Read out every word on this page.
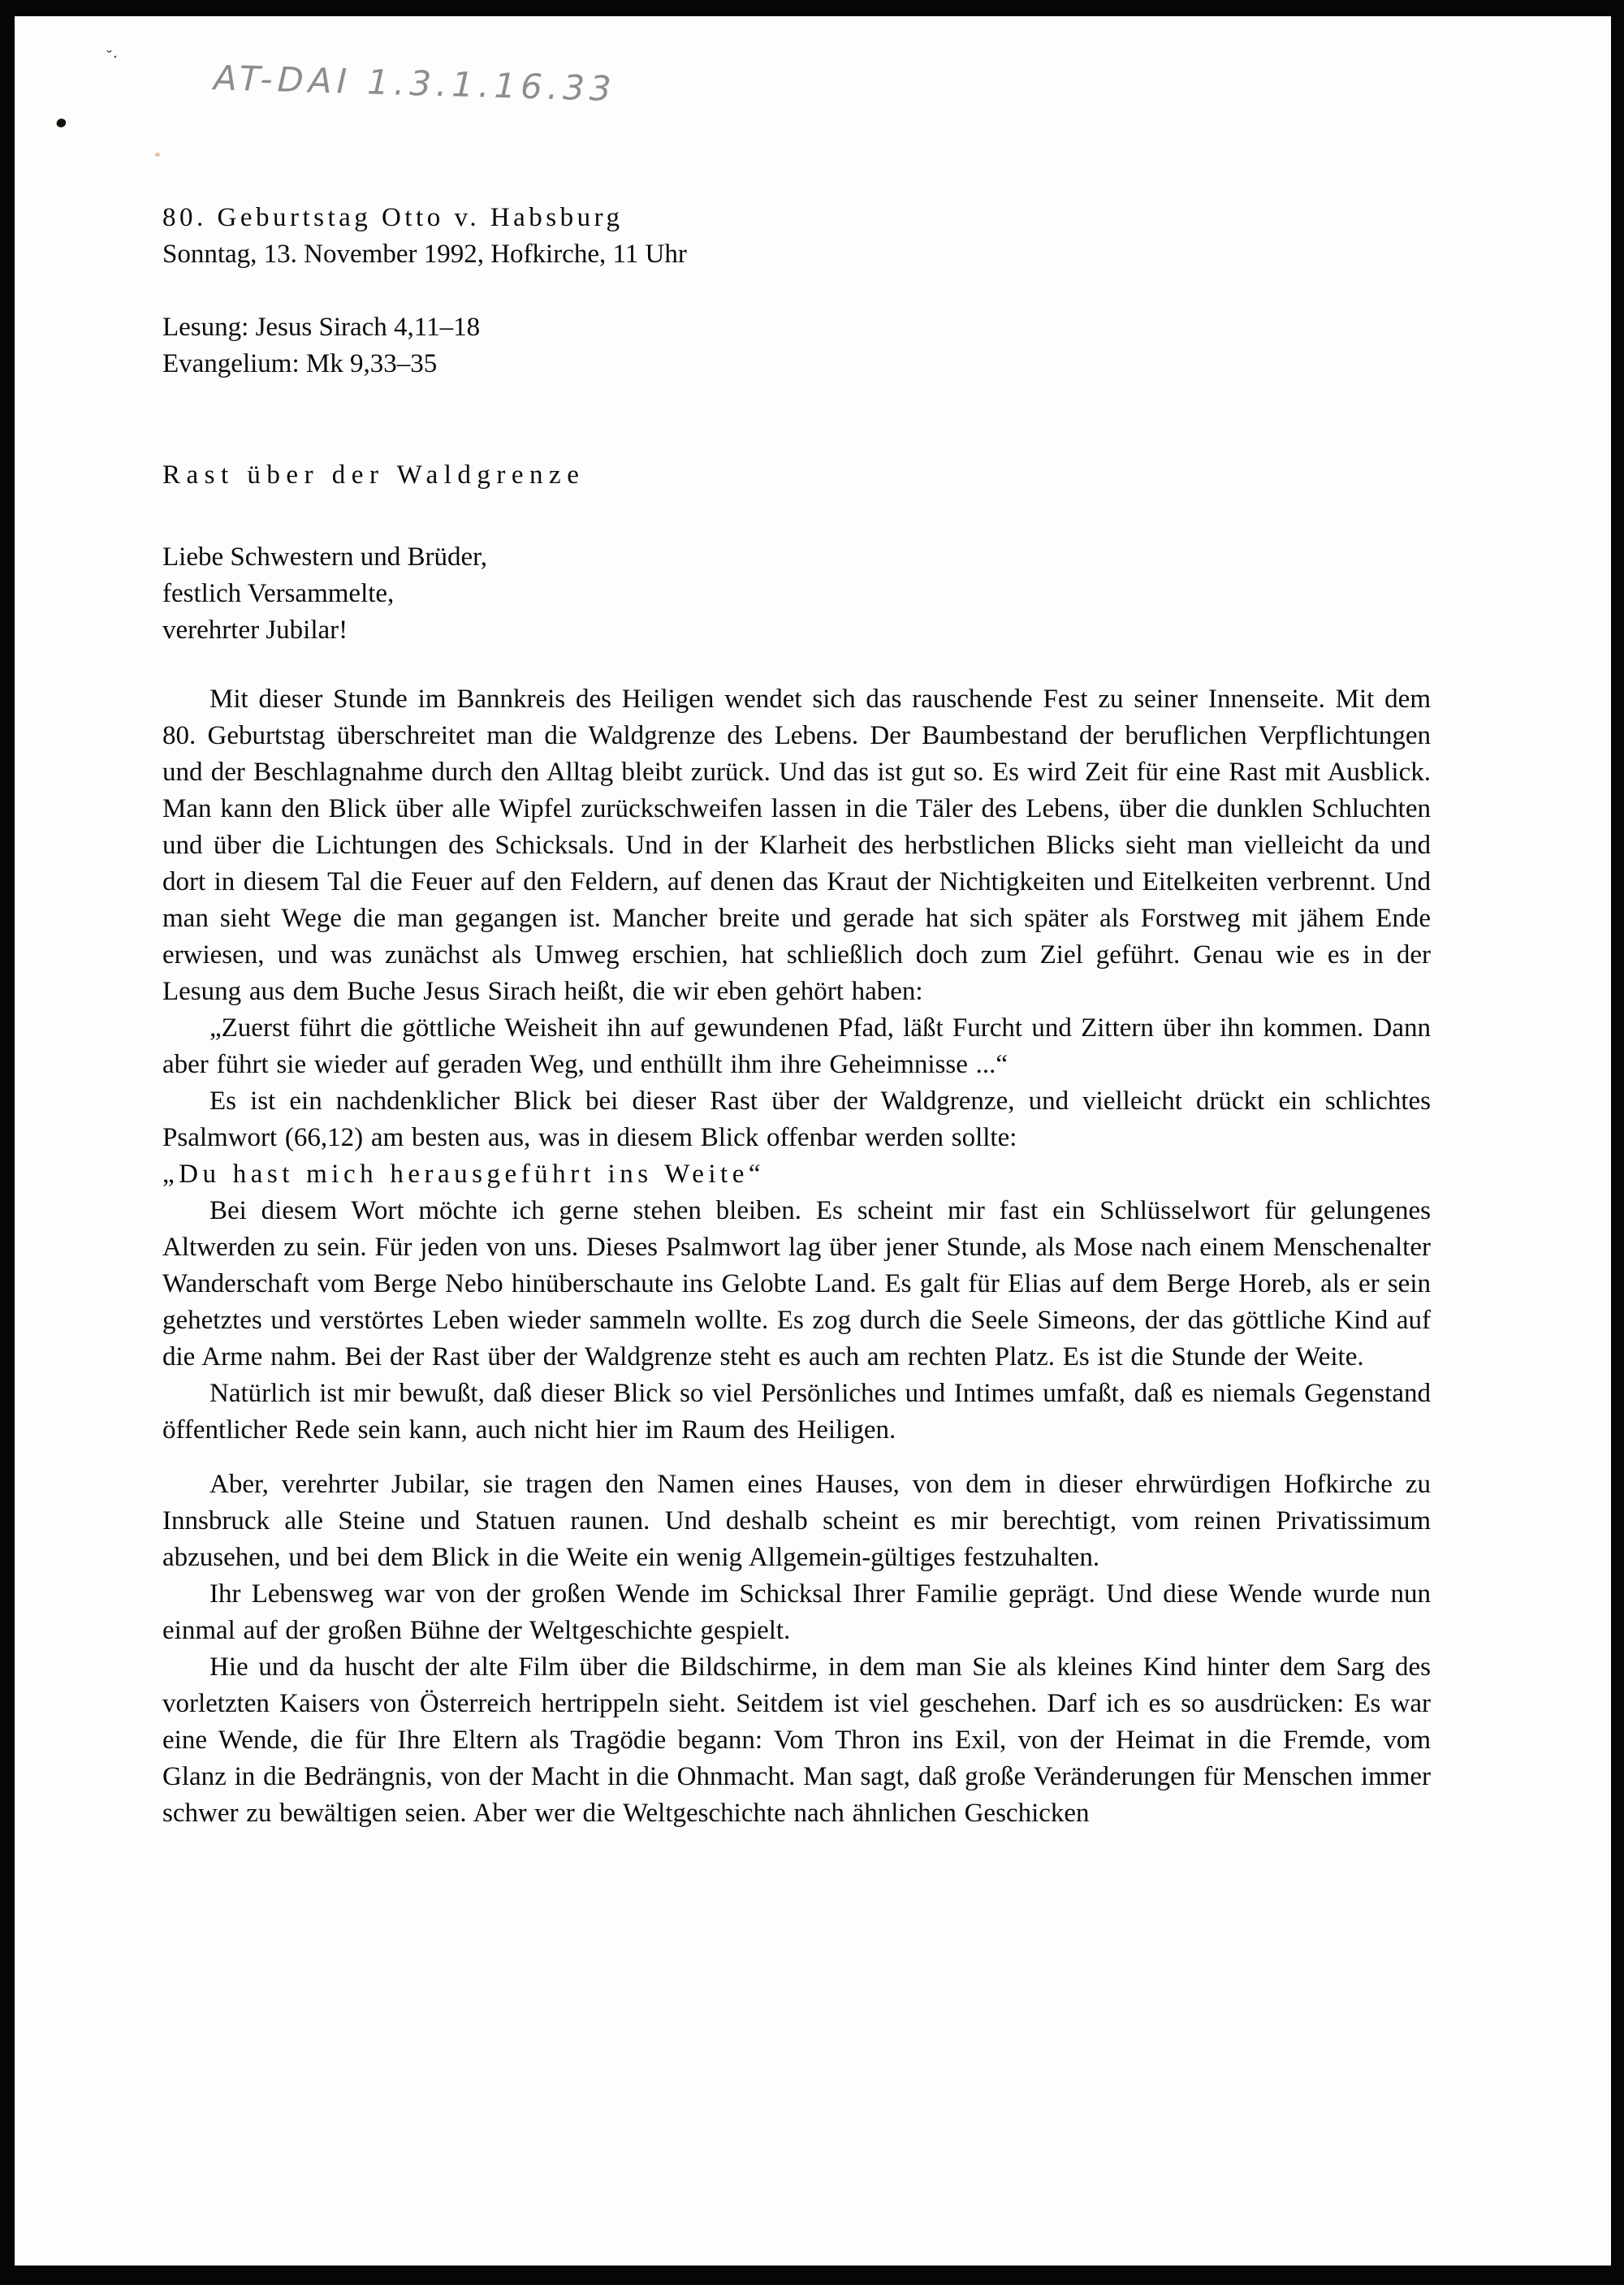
˘·
AT-DAI 1.3.1.16.33
80. Geburtstag Otto v. Habsburg
Sonntag, 13. November 1992, Hofkirche, 11 Uhr
Lesung: Jesus Sirach 4,11–18
Evangelium: Mk 9,33–35
Rast über der Waldgrenze
Liebe Schwestern und Brüder,
festlich Versammelte,
verehrter Jubilar!

Mit dieser Stunde im Bannkreis des Heiligen wendet sich das rauschende Fest zu seiner Innenseite. Mit dem 80. Geburtstag überschreitet man die Waldgrenze des Lebens. Der Baumbestand der beruflichen Verpflichtungen und der Beschlagnahme durch den Alltag bleibt zurück. Und das ist gut so. Es wird Zeit für eine Rast mit Ausblick. Man kann den Blick über alle Wipfel zurückschweifen lassen in die Täler des Lebens, über die dunklen Schluchten und über die Lichtungen des Schicksals. Und in der Klarheit des herbstlichen Blicks sieht man vielleicht da und dort in diesem Tal die Feuer auf den Feldern, auf denen das Kraut der Nichtigkeiten und Eitelkeiten verbrennt. Und man sieht Wege die man gegangen ist. Mancher breite und gerade hat sich später als Forstweg mit jähem Ende erwiesen, und was zunächst als Umweg erschien, hat schließlich doch zum Ziel geführt. Genau wie es in der Lesung aus dem Buche Jesus Sirach heißt, die wir eben gehört haben:

„Zuerst führt die göttliche Weisheit ihn auf gewundenen Pfad, läßt Furcht und Zittern über ihn kommen. Dann aber führt sie wieder auf geraden Weg, und enthüllt ihm ihre Geheimnisse ...“

Es ist ein nachdenklicher Blick bei dieser Rast über der Waldgrenze, und vielleicht drückt ein schlichtes Psalmwort (66,12) am besten aus, was in diesem Blick offenbar werden sollte:

„Du hast mich herausgeführt ins Weite“

Bei diesem Wort möchte ich gerne stehen bleiben. Es scheint mir fast ein Schlüsselwort für gelungenes Altwerden zu sein. Für jeden von uns. Dieses Psalmwort lag über jener Stunde, als Mose nach einem Menschenalter Wanderschaft vom Berge Nebo hinüberschaute ins Gelobte Land. Es galt für Elias auf dem Berge Horeb, als er sein gehetztes und verstörtes Leben wieder sammeln wollte. Es zog durch die Seele Simeons, der das göttliche Kind auf die Arme nahm. Bei der Rast über der Waldgrenze steht es auch am rechten Platz. Es ist die Stunde der Weite.

Natürlich ist mir bewußt, daß dieser Blick so viel Persönliches und Intimes umfaßt, daß es niemals Gegenstand öffentlicher Rede sein kann, auch nicht hier im Raum des Heiligen.

Aber, verehrter Jubilar, sie tragen den Namen eines Hauses, von dem in dieser ehrwürdigen Hofkirche zu Innsbruck alle Steine und Statuen raunen. Und deshalb scheint es mir berechtigt, vom reinen Privatissimum abzusehen, und bei dem Blick in die Weite ein wenig Allgemein-gültiges festzuhalten.

Ihr Lebensweg war von der großen Wende im Schicksal Ihrer Familie geprägt. Und diese Wende wurde nun einmal auf der großen Bühne der Weltgeschichte gespielt.

Hie und da huscht der alte Film über die Bildschirme, in dem man Sie als kleines Kind hinter dem Sarg des vorletzten Kaisers von Österreich hertrippeln sieht. Seitdem ist viel geschehen. Darf ich es so ausdrücken: Es war eine Wende, die für Ihre Eltern als Tragödie begann: Vom Thron ins Exil, von der Heimat in die Fremde, vom Glanz in die Bedrängnis, von der Macht in die Ohnmacht. Man sagt, daß große Veränderungen für Menschen immer schwer zu bewältigen seien. Aber wer die Weltgeschichte nach ähnlichen Geschicken
